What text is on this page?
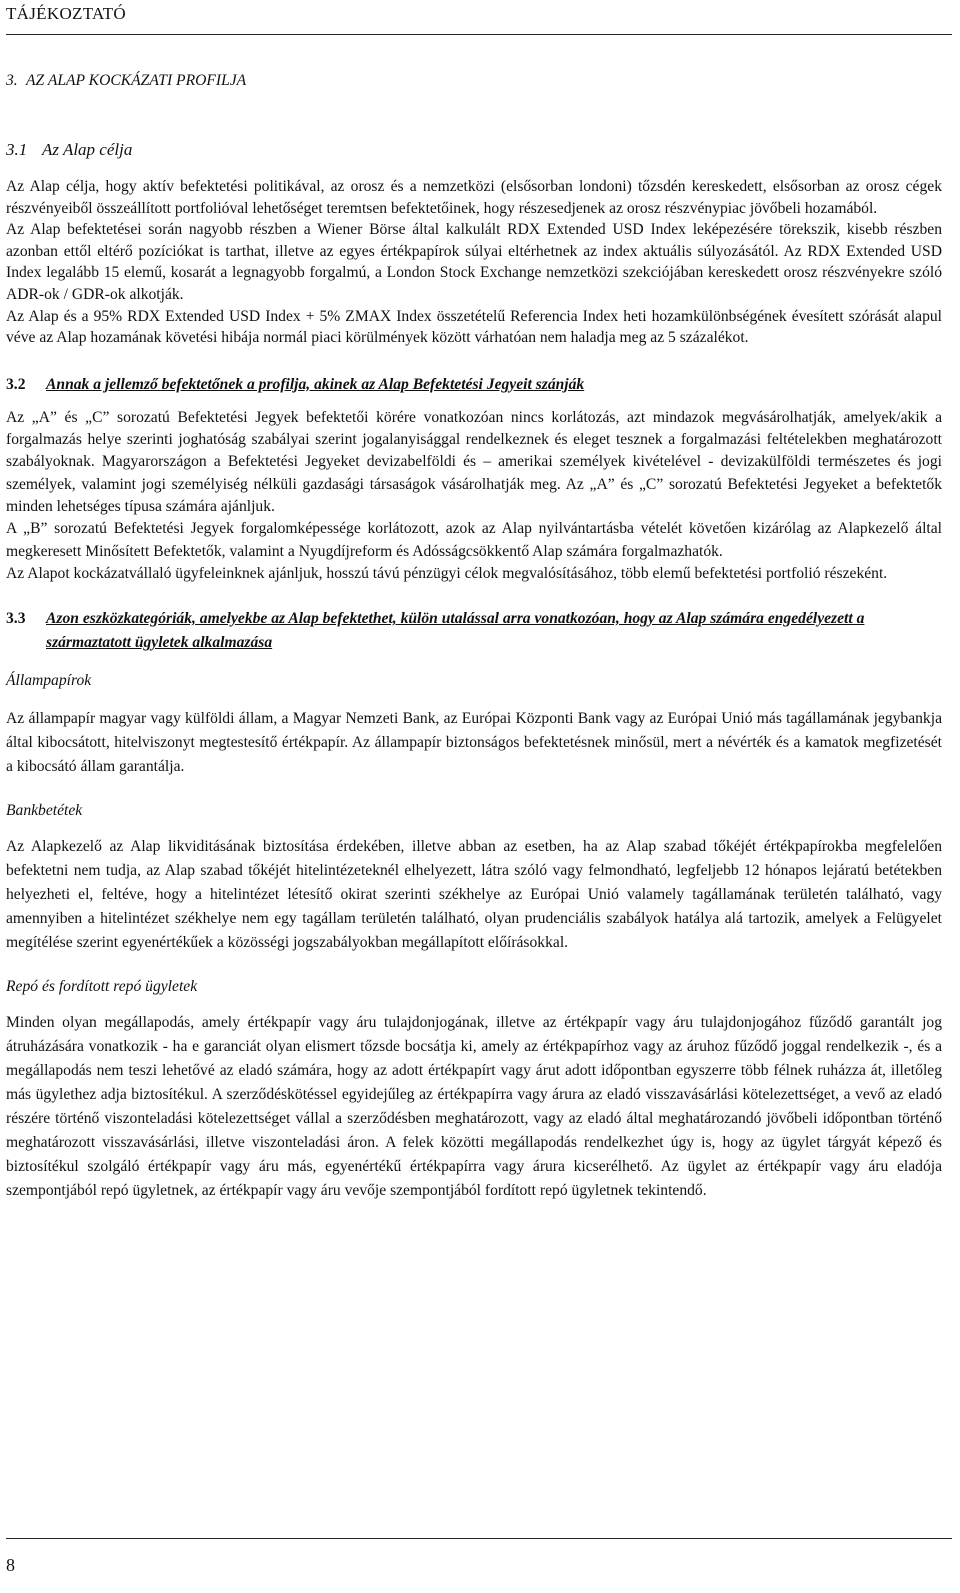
TÁJÉKOZTATÓ

3. AZ ALAP KOCKÁZATI PROFILJA

3.1 Az Alap célja

Az Alap célja, hogy aktív befektetési politikával, az orosz és a nemzetközi (elsősorban londoni) tőzsdén kereskedett, elsősorban az orosz cégek részvényeiből összeállított portfolióval lehetőséget teremtsen befektetőinek, hogy részesedjenek az orosz részvénypiac jövőbeli hozamából.

Az Alap befektetései során nagyobb részben a Wiener Börse által kalkulált RDX Extended USD Index leképezésére törekszik, kisebb részben azonban ettől eltérő pozíciókat is tarthat, illetve az egyes értékpapírok súlyai eltérhetnek az index aktuális súlyozásától. Az RDX Extended USD Index legalább 15 elemű, kosarát a legnagyobb forgalmú, a London Stock Exchange nemzetközi szekciójában kereskedett orosz részvényekre szóló ADR-ok / GDR-ok alkotják.

Az Alap és a 95% RDX Extended USD Index + 5% ZMAX Index összetételű Referencia Index heti hozamkülönbségének évesített szórását alapul véve az Alap hozamának követési hibája normál piaci körülmények között várhatóan nem haladja meg az 5 százalékot.

3.2 Annak a jellemző befektetőnek a profilja, akinek az Alap Befektetési Jegyeit szánják

Az „A” és „C” sorozatú Befektetési Jegyek befektetői körére vonatkozóan nincs korlátozás, azt mindazok megvásárolhatják, amelyek/akik a forgalmazás helye szerinti joghatóság szabályai szerint jogalanyisággal rendelkeznek és eleget tesznek a forgalmazási feltételekben meghatározott szabályoknak. Magyarországon a Befektetési Jegyeket devizabelföldi és – amerikai személyek kivételével - devizakülföldi természetes és jogi személyek, valamint jogi személyiség nélküli gazdasági társaságok vásárolhatják meg. Az „A” és „C” sorozatú Befektetési Jegyeket a befektetők minden lehetséges típusa számára ajánljuk.

A „B” sorozatú Befektetési Jegyek forgalomképessége korlátozott, azok az Alap nyilvántartásba vételét követően kizárólag az Alapkezelő által megkeresett Minősített Befektetők, valamint a Nyugdíjreform és Adósságcsökkentő Alap számára forgalmazhatók.

Az Alapot kockázatvállaló ügyfeleinknek ajánljuk, hosszú távú pénzügyi célok megvalósításához, több elemű befektetési portfolió részeként.

3.3	Azon eszközkategóriák, amelyekbe az Alap befektethet, külön utalással arra vonatkozóan, hogy az Alap számára engedélyezett a származtatott ügyletek alkalmazása

Állampapírok

Az állampapír magyar vagy külföldi állam, a Magyar Nemzeti Bank, az Európai Központi Bank vagy az Európai Unió más tagállamának jegybankja által kibocsátott, hitelviszonyt megtestesítő értékpapír. Az állampapír biztonságos befektetésnek minősül, mert a névérték és a kamatok megfizetését a kibocsátó állam garantálja.

Bankbetétek

Az Alapkezelő az Alap likviditásának biztosítása érdekében, illetve abban az esetben, ha az Alap szabad tőkéjét értékpapírokba megfelelően befektetni nem tudja, az Alap szabad tőkéjét hitelintézeteknél elhelyezett, látra szóló vagy felmondható, legfeljebb 12 hónapos lejáratú betétekben helyezheti el, feltéve, hogy a hitelintézet létesítő okirat szerinti székhelye az Európai Unió valamely tagállamának területén található, vagy amennyiben a hitelintézet székhelye nem egy tagállam területén található, olyan prudenciális szabályok hatálya alá tartozik, amelyek a Felügyelet megítélése szerint egyenértékűek a közösségi jogszabályokban megállapított előírásokkal.

Repó és fordított repó ügyletek

Minden olyan megállapodás, amely értékpapír vagy áru tulajdonjogának, illetve az értékpapír vagy áru tulajdonjogához fűződő garantált jog átruházására vonatkozik - ha e garanciát olyan elismert tőzsde bocsátja ki, amely az értékpapírhoz vagy az áruhoz fűződő joggal rendelkezik -, és a megállapodás nem teszi lehetővé az eladó számára, hogy az adott értékpapírt vagy árut adott időpontban egyszerre több félnek ruházza át, illetőleg más ügylethez adja biztosítékul. A szerződéskötéssel egyidejűleg az értékpapírra vagy árura az eladó visszavásárlási kötelezettséget, a vevő az eladó részére történő viszonteladási kötelezettséget vállal a szerződésben meghatározott, vagy az eladó által meghatározandó jövőbeli időpontban történő meghatározott visszavásárlási, illetve viszonteladási áron. A felek közötti megállapodás rendelkezhet úgy is, hogy az ügylet tárgyát képező és biztosítékul szolgáló értékpapír vagy áru más, egyenértékű értékpapírra vagy árura kicserélhető. Az ügylet az értékpapír vagy áru eladója szempontjából repó ügyletnek, az értékpapír vagy áru vevője szempontjából fordított repó ügyletnek tekintendő.

8
